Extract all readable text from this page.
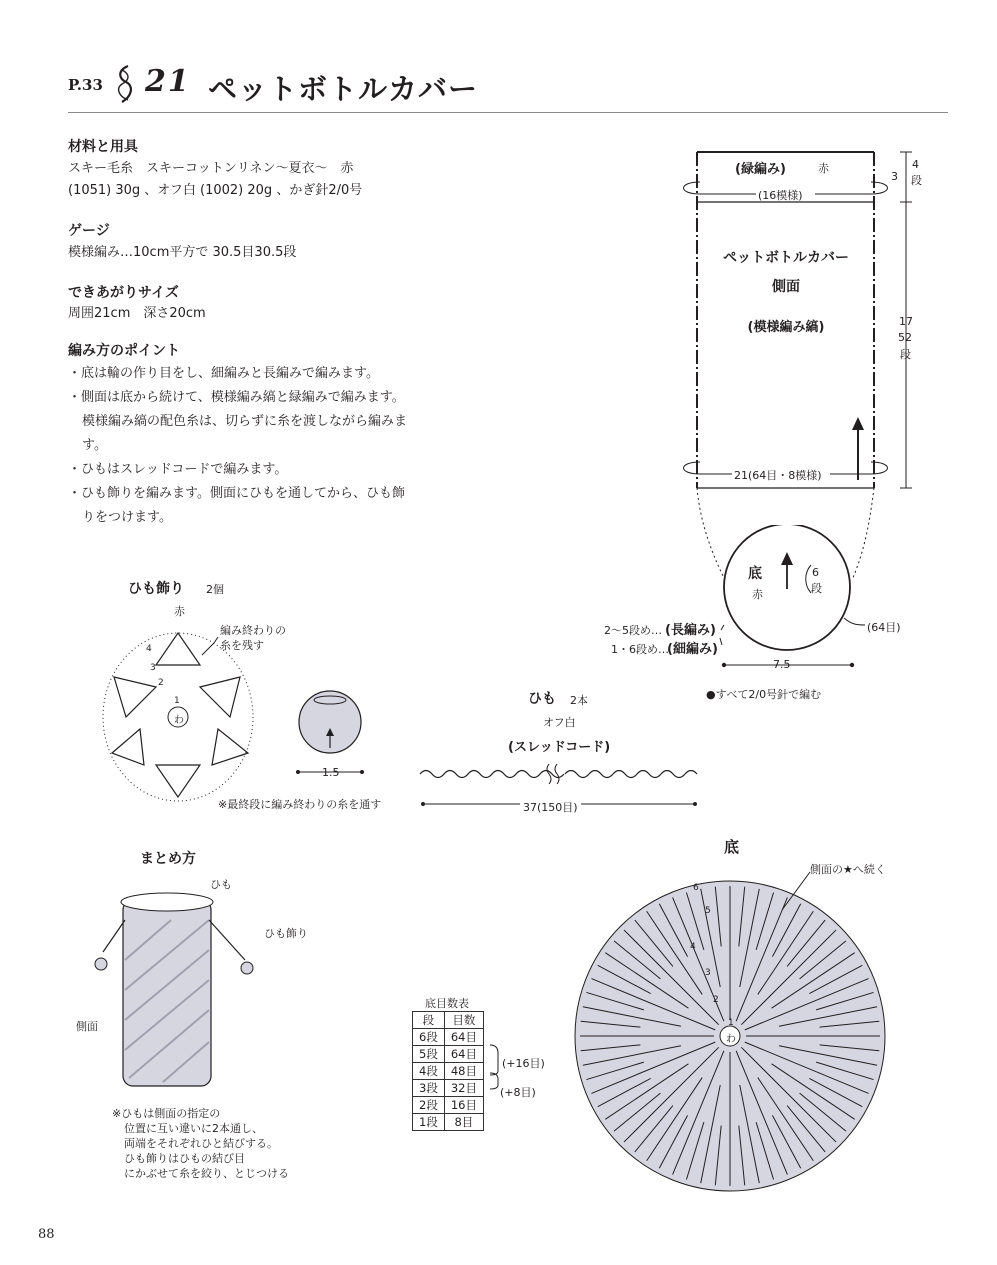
P.33 21 ペットボトルカバー
材料と用具
スキー毛糸　スキーコットンリネン〜夏衣〜　赤
(1051) 30g 、オフ白 (1002) 20g 、かぎ針2/0号
ゲージ
模様編み…10cm平方で 30.5目30.5段
できあがりサイズ
周囲21cm　深さ20cm
編み方のポイント
・ 底は輪の作り目をし、細編みと長編みで編みます。
・ 側面は底から続けて、模様編み縞と緑編みで編みます。模様編み縞の配色糸は、切らずに糸を渡しながら編みます。
・ ひもはスレッドコードで編みます。
・ ひも飾りを編みます。側面にひもを通してから、ひも飾りをつけます。
(緑編み)	赤
(16模様)
ペットボトルカバー
側面
(模様編み縞)
21(64目・8模様)
3
4
段
17
52
段
底
赤
6
段
(64目)
2〜5段め… (長編み)
1・6段め…
(細編み)
7.5
●すべて2/0号針で編む
ひも飾り 2個
赤
編み終わりの
糸を残す
わ
1
2
3
4
1.5
※最終段に編み終わりの糸を通す
ひも 2本
オフ白
(スレッドコード)
37(150目)
まとめ方
ひも
ひも飾り
側面
※ひもは側面の指定の
位置に互い違いに2本通し、
両端をそれぞれひと結びする。
ひも飾りはひもの結び目
にかぶせて糸を絞り、とじつける
底
側面の★へ続く
わ
1
2
3
4
5
6
底目数表
段	目数
6段	64目
5段	64目
4段	48目
3段	32目
2段	16目
1段	8目
(+16目)
(+8目)
88
